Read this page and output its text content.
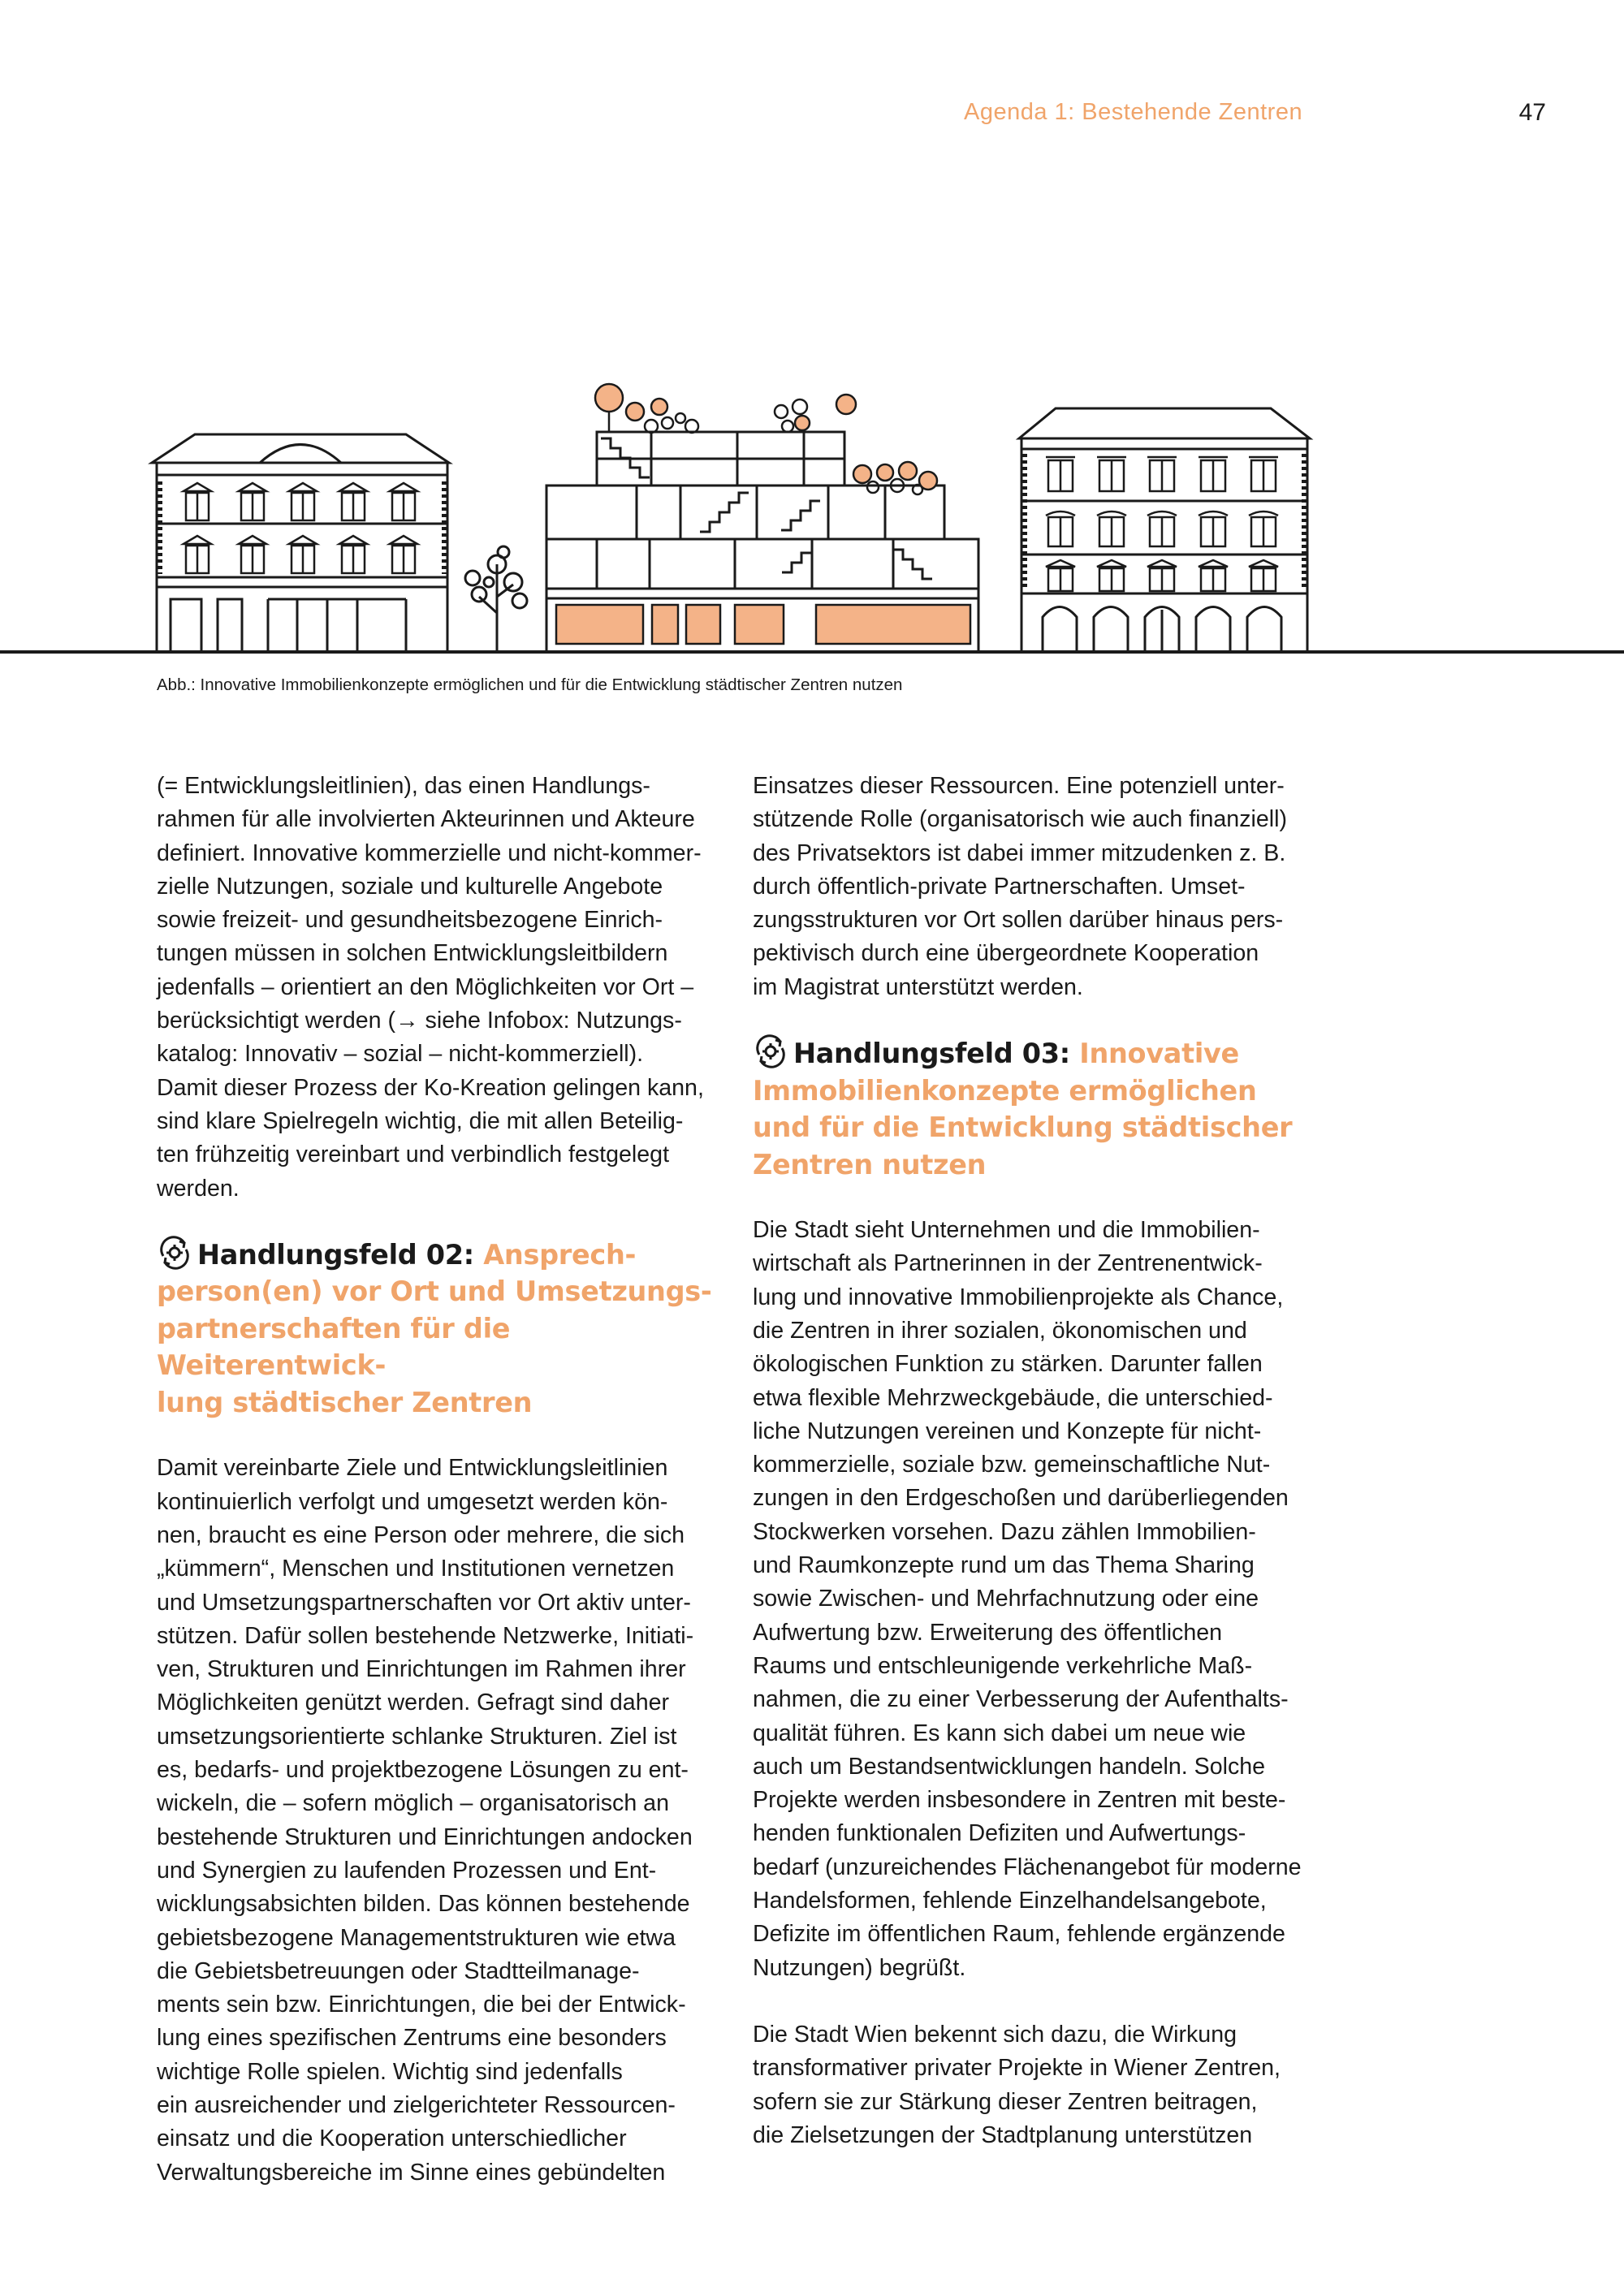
Agenda 1: Bestehende Zentren	47
Abb.: Innovative Immobilienkonzepte ermöglichen und für die Entwicklung städtischer Zentren nutzen
(= Entwicklungsleitlinien), das einen Handlungs-
rahmen für alle involvierten Akteurinnen und Akteure
definiert. Innovative kommerzielle und nicht-kommer-
zielle Nutzungen, soziale und kulturelle Angebote
sowie freizeit- und gesundheitsbezogene Einrich-
tungen müssen in solchen Entwicklungsleitbildern
jedenfalls – orientiert an den Möglichkeiten vor Ort –
berücksichtigt werden (→ siehe Infobox: Nutzungs-
katalog: Innovativ – sozial – nicht-kommerziell).
Damit dieser Prozess der Ko-Kreation gelingen kann,
sind klare Spielregeln wichtig, die mit allen Beteilig-
ten frühzeitig vereinbart und verbindlich festgelegt
werden.
Handlungsfeld 02: Ansprech-
person(en) vor Ort und Umsetzungs-
partnerschaften für die Weiterentwick-
lung städtischer Zentren
Damit vereinbarte Ziele und Entwicklungsleitlinien
kontinuierlich verfolgt und umgesetzt werden kön-
nen, braucht es eine Person oder mehrere, die sich
„kümmern“, Menschen und Institutionen vernetzen
und Umsetzungspartnerschaften vor Ort aktiv unter-
stützen. Dafür sollen bestehende Netzwerke, Initiati-
ven, Strukturen und Einrichtungen im Rahmen ihrer
Möglichkeiten genützt werden. Gefragt sind daher
umsetzungsorientierte schlanke Strukturen. Ziel ist
es, bedarfs- und projektbezogene Lösungen zu ent-
wickeln, die – sofern möglich – organisatorisch an
bestehende Strukturen und Einrichtungen andocken
und Synergien zu laufenden Prozessen und Ent-
wicklungsabsichten bilden. Das können bestehende
gebietsbezogene Managementstrukturen wie etwa
die Gebietsbetreuungen oder Stadtteilmanage-
ments sein bzw. Einrichtungen, die bei der Entwick-
lung eines spezifischen Zentrums eine besonders
wichtige Rolle spielen. Wichtig sind jedenfalls
ein ausreichender und zielgerichteter Ressourcen-
einsatz und die Kooperation unterschiedlicher
Verwaltungsbereiche im Sinne eines gebündelten
Einsatzes dieser Ressourcen. Eine potenziell unter-
stützende Rolle (organisatorisch wie auch finanziell)
des Privatsektors ist dabei immer mitzudenken z. B.
durch öffentlich-private Partnerschaften. Umset-
zungsstrukturen vor Ort sollen darüber hinaus pers-
pektivisch durch eine übergeordnete Kooperation
im Magistrat unterstützt werden.
Handlungsfeld 03: Innovative
Immobilienkonzepte ermöglichen
und für die Entwicklung städtischer
Zentren nutzen
Die Stadt sieht Unternehmen und die Immobilien-
wirtschaft als Partnerinnen in der Zentrenentwick-
lung und innovative Immobilienprojekte als Chance,
die Zentren in ihrer sozialen, ökonomischen und
ökologischen Funktion zu stärken. Darunter fallen
etwa flexible Mehrzweckgebäude, die unterschied-
liche Nutzungen vereinen und Konzepte für nicht-
kommerzielle, soziale bzw. gemeinschaftliche Nut-
zungen in den Erdgeschoßen und darüberliegenden
Stockwerken vorsehen. Dazu zählen Immobilien-
und Raumkonzepte rund um das Thema Sharing
sowie Zwischen- und Mehrfachnutzung oder eine
Aufwertung bzw. Erweiterung des öffentlichen
Raums und entschleunigende verkehrliche Maß-
nahmen, die zu einer Verbesserung der Aufenthalts-
qualität führen. Es kann sich dabei um neue wie
auch um Bestandsentwicklungen handeln. Solche
Projekte werden insbesondere in Zentren mit beste-
henden funktionalen Defiziten und Aufwertungs-
bedarf (unzureichendes Flächenangebot für moderne
Handelsformen, fehlende Einzelhandelsangebote,
Defizite im öffentlichen Raum, fehlende ergänzende
Nutzungen) begrüßt.
Die Stadt Wien bekennt sich dazu, die Wirkung
transformativer privater Projekte in Wiener Zentren,
sofern sie zur Stärkung dieser Zentren beitragen,
die Zielsetzungen der Stadtplanung unterstützen
